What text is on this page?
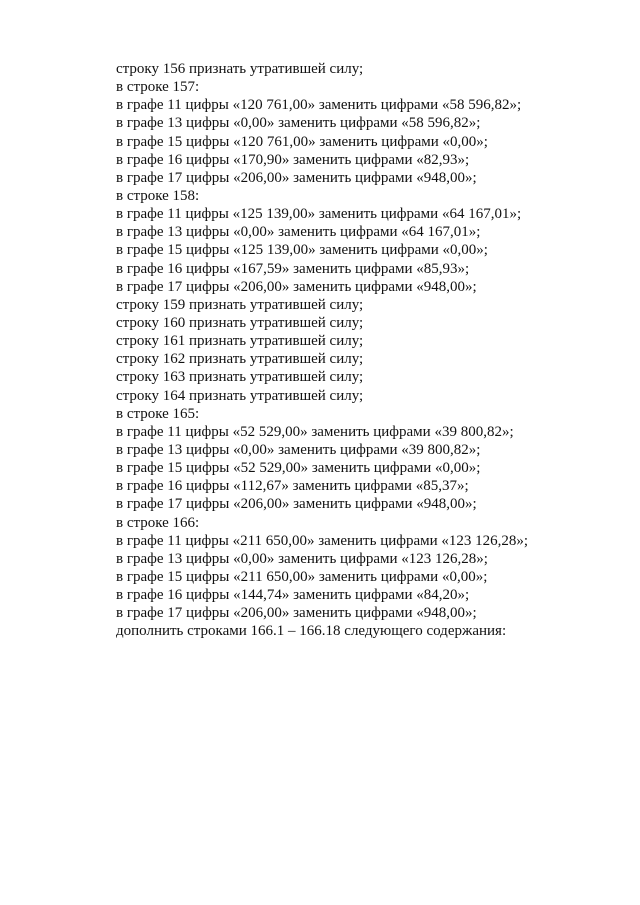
строку 156 признать утратившей силу;
в строке 157:
в графе 11 цифры «120 761,00» заменить цифрами «58 596,82»;
в графе 13 цифры «0,00» заменить цифрами «58 596,82»;
в графе 15 цифры «120 761,00» заменить цифрами «0,00»;
в графе 16 цифры «170,90» заменить цифрами «82,93»;
в графе 17 цифры «206,00» заменить цифрами «948,00»;
в строке 158:
в графе 11 цифры «125 139,00» заменить цифрами «64 167,01»;
в графе 13 цифры «0,00» заменить цифрами «64 167,01»;
в графе 15 цифры «125 139,00» заменить цифрами «0,00»;
в графе 16 цифры «167,59» заменить цифрами «85,93»;
в графе 17 цифры «206,00» заменить цифрами «948,00»;
строку 159 признать утратившей силу;
строку 160 признать утратившей силу;
строку 161 признать утратившей силу;
строку 162 признать утратившей силу;
строку 163 признать утратившей силу;
строку 164 признать утратившей силу;
в строке 165:
в графе 11 цифры «52 529,00» заменить цифрами «39 800,82»;
в графе 13 цифры «0,00» заменить цифрами «39 800,82»;
в графе 15 цифры «52 529,00» заменить цифрами «0,00»;
в графе 16 цифры «112,67» заменить цифрами «85,37»;
в графе 17 цифры «206,00» заменить цифрами «948,00»;
в строке 166:
в графе 11 цифры «211 650,00» заменить цифрами «123 126,28»;
в графе 13 цифры «0,00» заменить цифрами «123 126,28»;
в графе 15 цифры «211 650,00» заменить цифрами «0,00»;
в графе 16 цифры «144,74» заменить цифрами «84,20»;
в графе 17 цифры «206,00» заменить цифрами «948,00»;
дополнить строками 166.1 – 166.18 следующего содержания:
